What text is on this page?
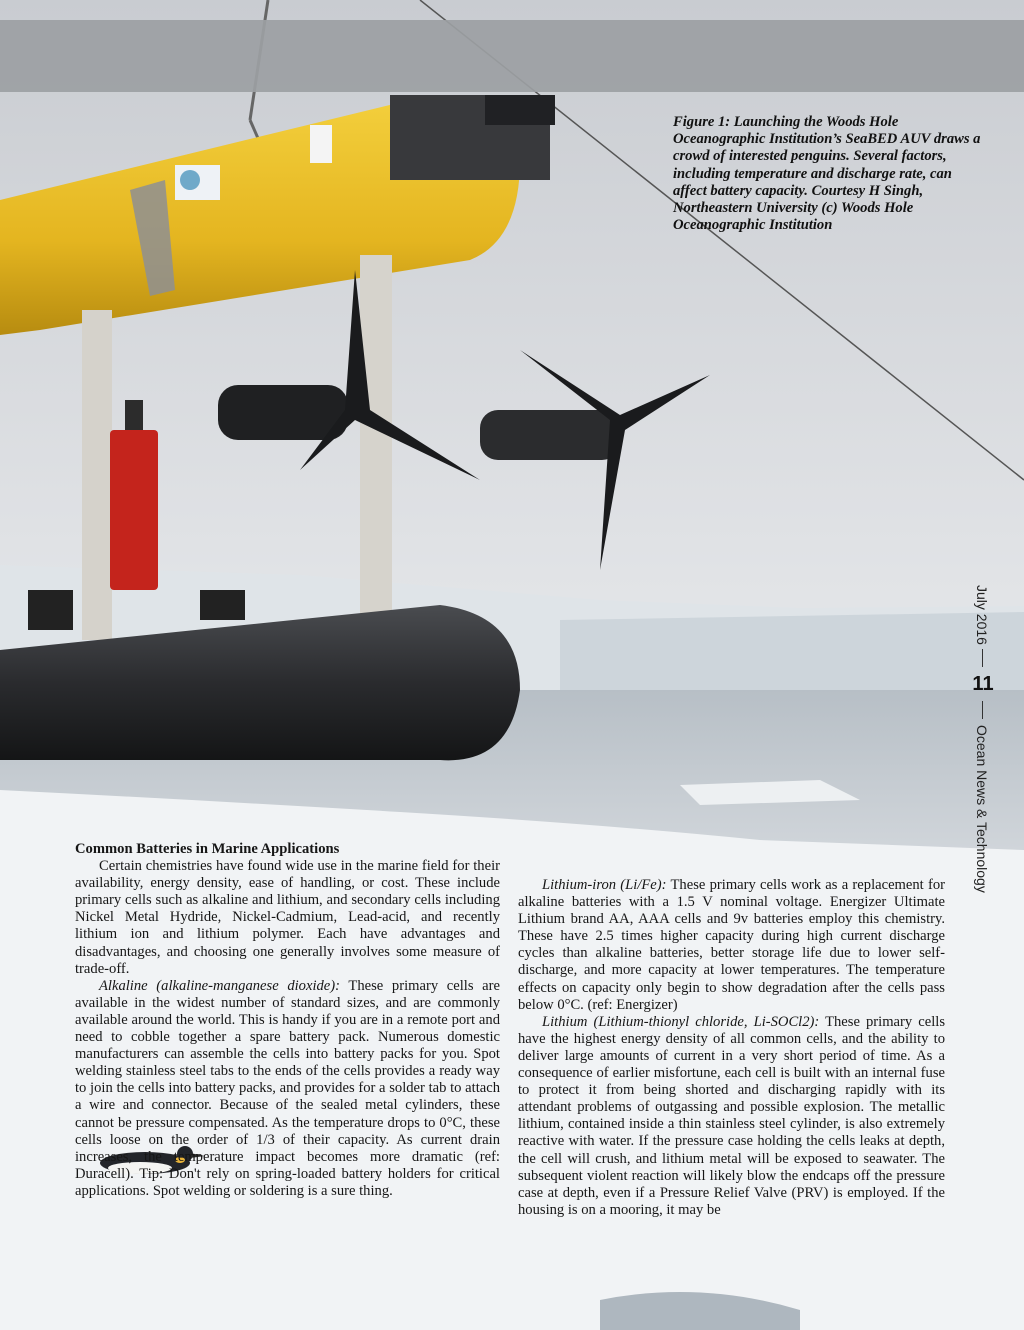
Figure 1: Launching the Woods Hole Oceanographic Institution’s SeaBED AUV draws a crowd of interested penguins. Several factors, including temperature and discharge rate, can affect battery capacity. Courtesy H Singh, Northeastern University (c) Woods Hole Oceanographic Institution
July 2016
11
Ocean News & Technology
Common Batteries in Marine Applications

Certain chemistries have found wide use in the marine field for their availability, energy density, ease of handling, or cost. These include primary cells such as alkaline and lithium, and secondary cells including Nickel Metal Hydride, Nickel-Cadmium, Lead-acid, and recently lithium ion and lithium polymer. Each have advantages and disadvantages, and choosing one generally involves some measure of trade-off.

Alkaline (alkaline-manganese dioxide): These primary cells are available in the widest number of standard sizes, and are commonly available around the world. This is handy if you are in a remote port and need to cobble together a spare battery pack. Numerous domestic manufacturers can assemble the cells into battery packs for you. Spot welding stainless steel tabs to the ends of the cells provides a ready way to join the cells into battery packs, and provides for a solder tab to attach a wire and connector. Because of the sealed metal cylinders, these cannot be pressure compensated. As the temperature drops to 0°C, these cells loose on the order of 1/3 of their capacity. As current drain increases, the temperature impact becomes more dramatic (ref: Duracell). Tip: Don't rely on spring-loaded battery holders for critical applications. Spot welding or soldering is a sure thing.

Lithium-iron (Li/Fe): These primary cells work as a replacement for alkaline batteries with a 1.5 V nominal voltage. Energizer Ultimate Lithium brand AA, AAA cells and 9v batteries employ this chemistry. These have 2.5 times higher capacity during high current discharge cycles than alkaline batteries, better storage life due to lower self-discharge, and more capacity at lower temperatures. The temperature effects on capacity only begin to show degradation after the cells pass below 0°C. (ref: Energizer)

Lithium (Lithium-thionyl chloride, Li-SOCl2): These primary cells have the highest energy density of all common cells, and the ability to deliver large amounts of current in a very short period of time. As a consequence of earlier misfortune, each cell is built with an internal fuse to protect it from being shorted and discharging rapidly with its attendant problems of outgassing and possible explosion. The metallic lithium, contained inside a thin stainless steel cylinder, is also extremely reactive with water. If the pressure case holding the cells leaks at depth, the cell will crush, and lithium metal will be exposed to seawater. The subsequent violent reaction will likely blow the endcaps off the pressure case at depth, even if a Pressure Relief Valve (PRV) is employed. If the housing is on a mooring, it may be
